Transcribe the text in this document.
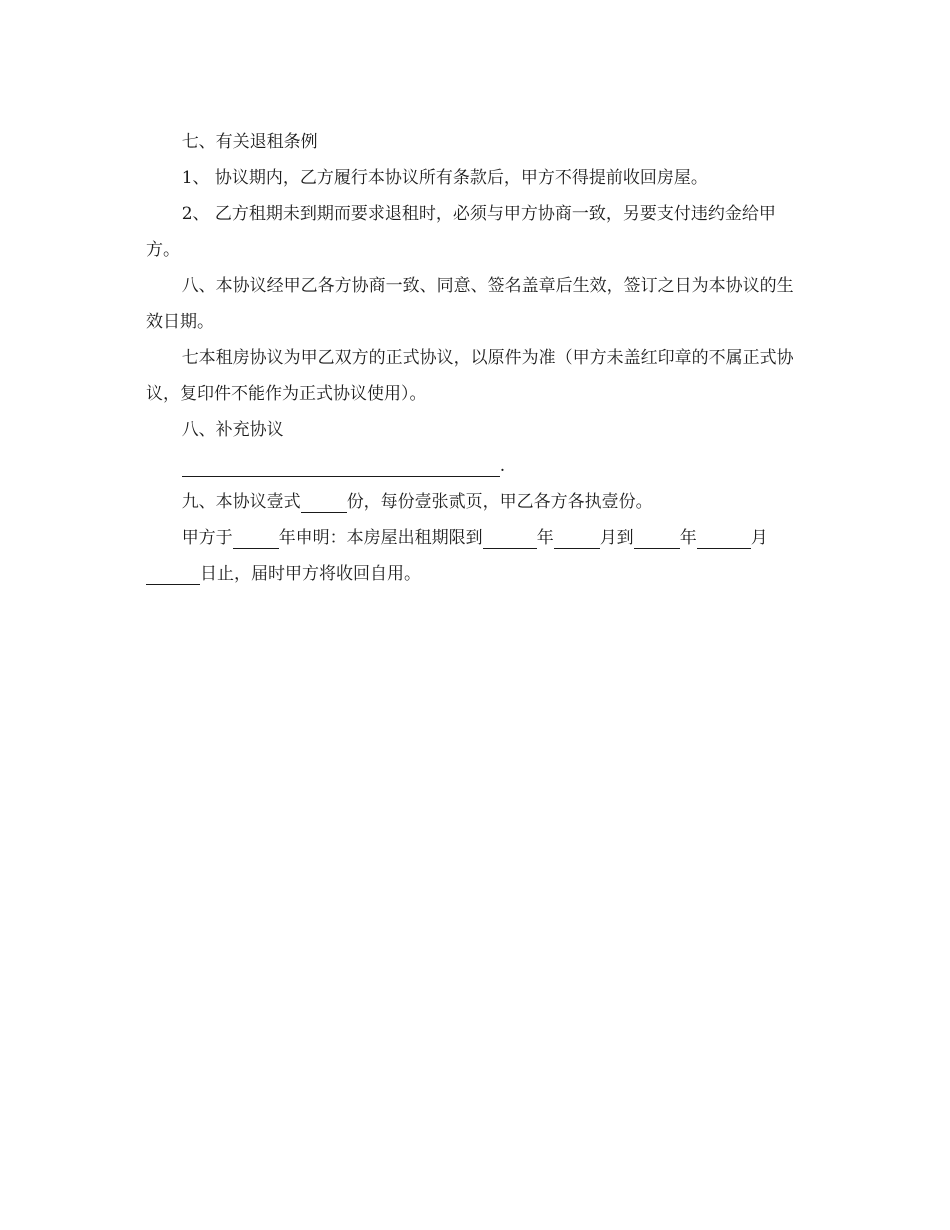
七、有关退租条例

1、 协议期内，乙方履行本协议所有条款后，甲方不得提前收回房屋。

2、 乙方租期未到期而要求退租时，必须与甲方协商一致，另要支付违约金给甲方。

八、本协议经甲乙各方协商一致、同意、签名盖章后生效，签订之日为本协议的生效日期。

七本租房协议为甲乙双方的正式协议，以原件为准（甲方未盖红印章的不属正式协议，复印件不能作为正式协议使用）。

八、补充协议

.

九、本协议壹式	份，每份壹张贰页，甲乙各方各执壹份。

甲方于	年申明：本房屋出租期限到	年	月到	年	月日止，届时甲方将收回自用。
